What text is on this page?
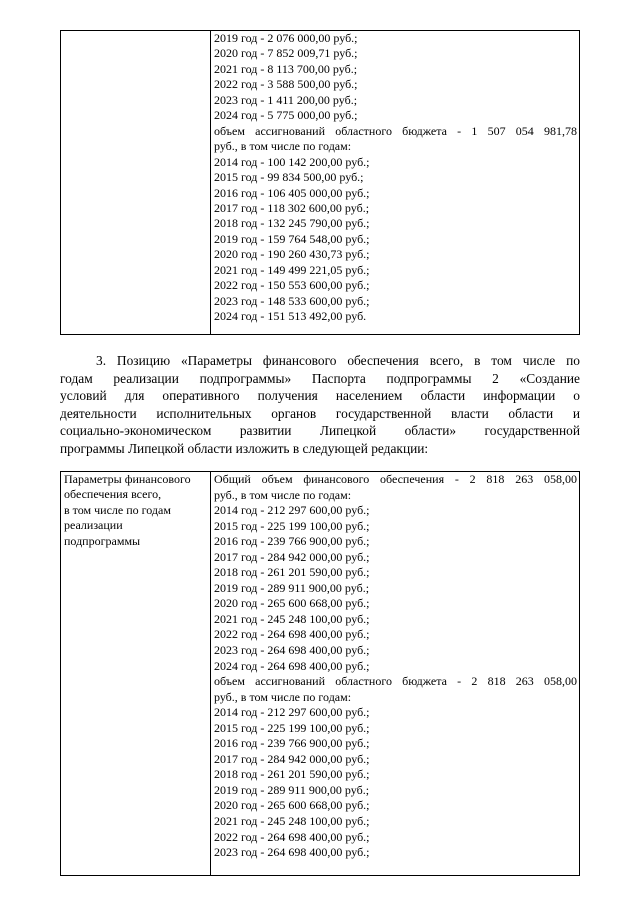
2019 год - 2 076 000,00 руб.;
2020 год - 7 852 009,71 руб.;
2021 год - 8 113 700,00 руб.;
2022 год - 3 588 500,00 руб.;
2023 год - 1 411 200,00 руб.;
2024 год - 5 775 000,00 руб.;
объем ассигнований областного бюджета - 1 507 054 981,78
руб., в том числе по годам:
2014 год - 100 142 200,00 руб.;
2015 год - 99 834 500,00 руб.;
2016 год - 106 405 000,00 руб.;
2017 год - 118 302 600,00 руб.;
2018 год - 132 245 790,00 руб.;
2019 год - 159 764 548,00 руб.;
2020 год - 190 260 430,73 руб.;
2021 год - 149 499 221,05 руб.;
2022 год - 150 553 600,00 руб.;
2023 год - 148 533 600,00 руб.;
2024 год - 151 513 492,00 руб.
3. Позицию «Параметры финансового обеспечения всего, в том числе по
годам реализации подпрограммы» Паспорта подпрограммы 2 «Создание
условий для оперативного получения населением области информации о
деятельности исполнительных органов государственной власти области и
социально-экономическом развитии Липецкой области» государственной
программы Липецкой области изложить в следующей редакции:
Параметры финансового
обеспечения всего,
в том числе по годам
реализации
подпрограммы
Общий объем финансового обеспечения - 2 818 263 058,00
руб., в том числе по годам:
2014 год - 212 297 600,00 руб.;
2015 год - 225 199 100,00 руб.;
2016 год - 239 766 900,00 руб.;
2017 год - 284 942 000,00 руб.;
2018 год - 261 201 590,00 руб.;
2019 год - 289 911 900,00 руб.;
2020 год - 265 600 668,00 руб.;
2021 год - 245 248 100,00 руб.;
2022 год - 264 698 400,00 руб.;
2023 год - 264 698 400,00 руб.;
2024 год - 264 698 400,00 руб.;
объем ассигнований областного бюджета - 2 818 263 058,00
руб., в том числе по годам:
2014 год - 212 297 600,00 руб.;
2015 год - 225 199 100,00 руб.;
2016 год - 239 766 900,00 руб.;
2017 год - 284 942 000,00 руб.;
2018 год - 261 201 590,00 руб.;
2019 год - 289 911 900,00 руб.;
2020 год - 265 600 668,00 руб.;
2021 год - 245 248 100,00 руб.;
2022 год - 264 698 400,00 руб.;
2023 год - 264 698 400,00 руб.;
